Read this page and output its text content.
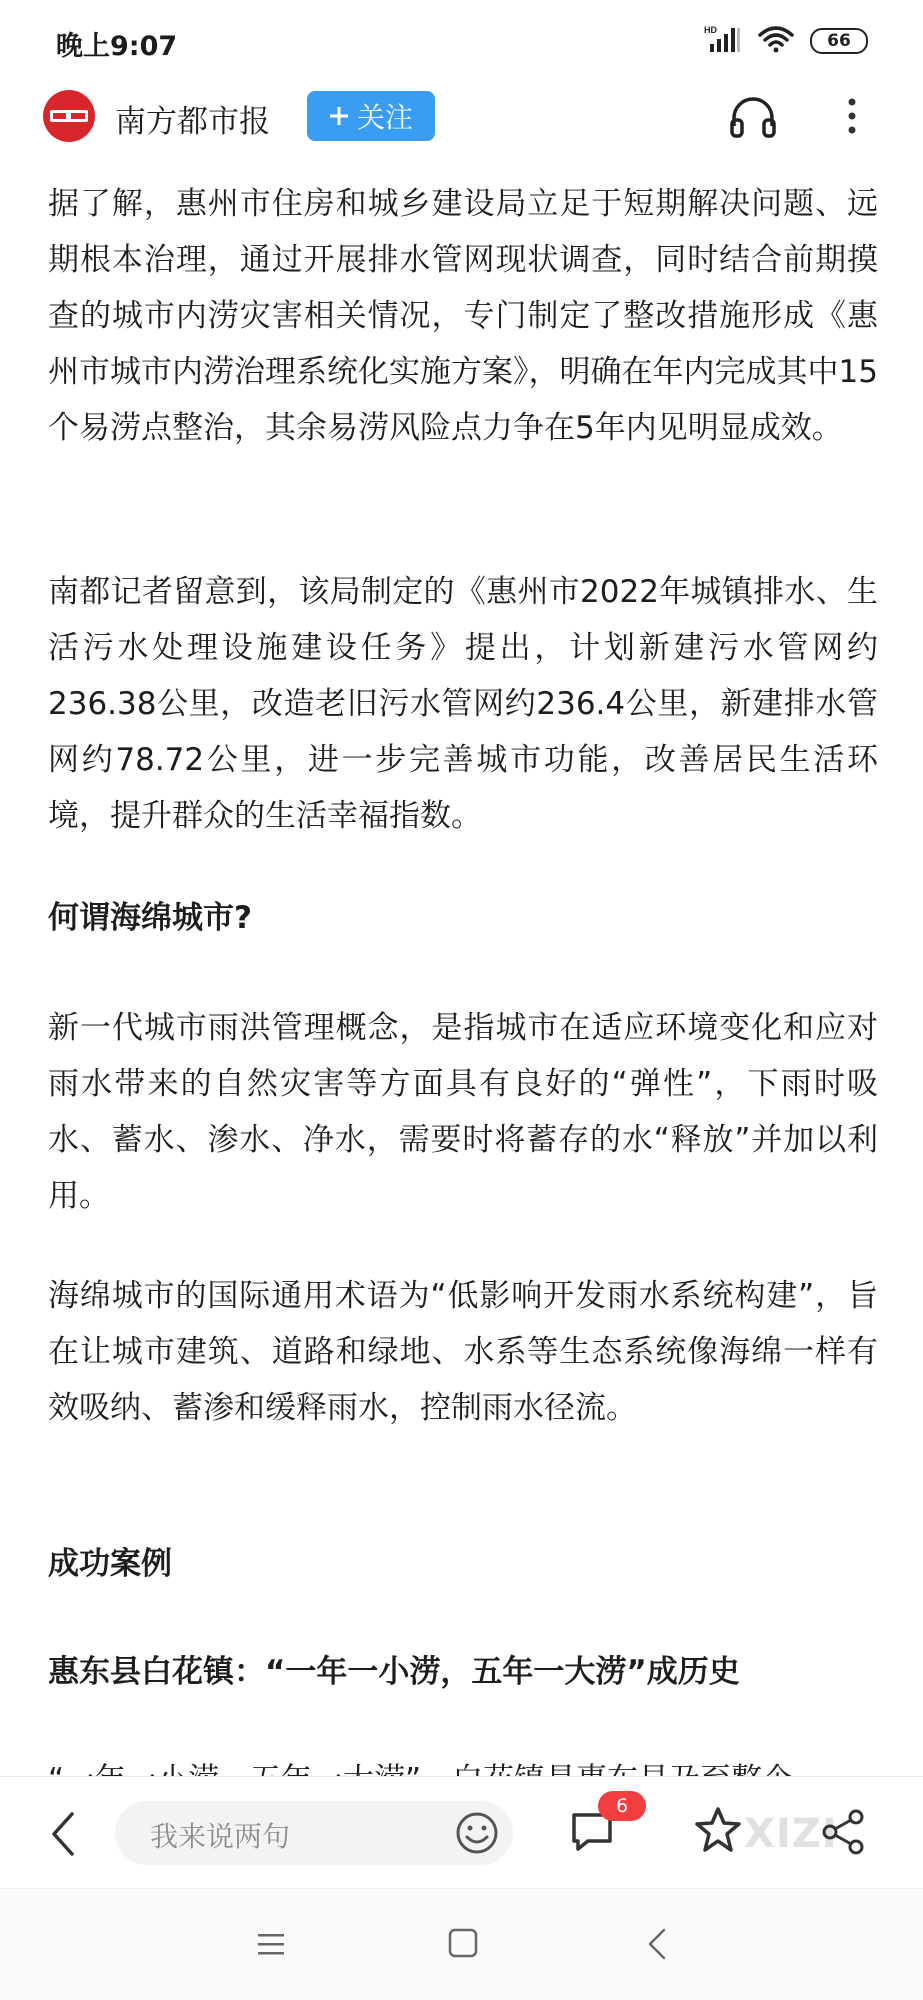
晚上9:07
HD
66
南方都市报	关注
据了解，惠州市住房和城乡建设局立足于短期解决问题、远期根本治理，通过开展排水管网现状调查，同时结合前期摸查的城市内涝灾害相关情况，专门制定了整改措施形成《惠州市城市内涝治理系统化实施方案》，明确在年内完成其中15个易涝点整治，其余易涝风险点力争在5年内见明显成效。
南都记者留意到，该局制定的《惠州市2022年城镇排水、生活污水处理设施建设任务》提出，计划新建污水管网约236.38公里，改造老旧污水管网约236.4公里，新建排水管网约78.72公里，进一步完善城市功能，改善居民生活环境，提升群众的生活幸福指数。
何谓海绵城市?
新一代城市雨洪管理概念，是指城市在适应环境变化和应对雨水带来的自然灾害等方面具有良好的“弹性”，下雨时吸水、蓄水、渗水、净水，需要时将蓄存的水“释放”并加以利用。
海绵城市的国际通用术语为“低影响开发雨水系统构建”，旨在让城市建筑、道路和绿地、水系等生态系统像海绵一样有效吸纳、蓄渗和缓释雨水，控制雨水径流。
成功案例
惠东县白花镇：“一年一小涝，五年一大涝”成历史
我来说两句
6
XIZI
